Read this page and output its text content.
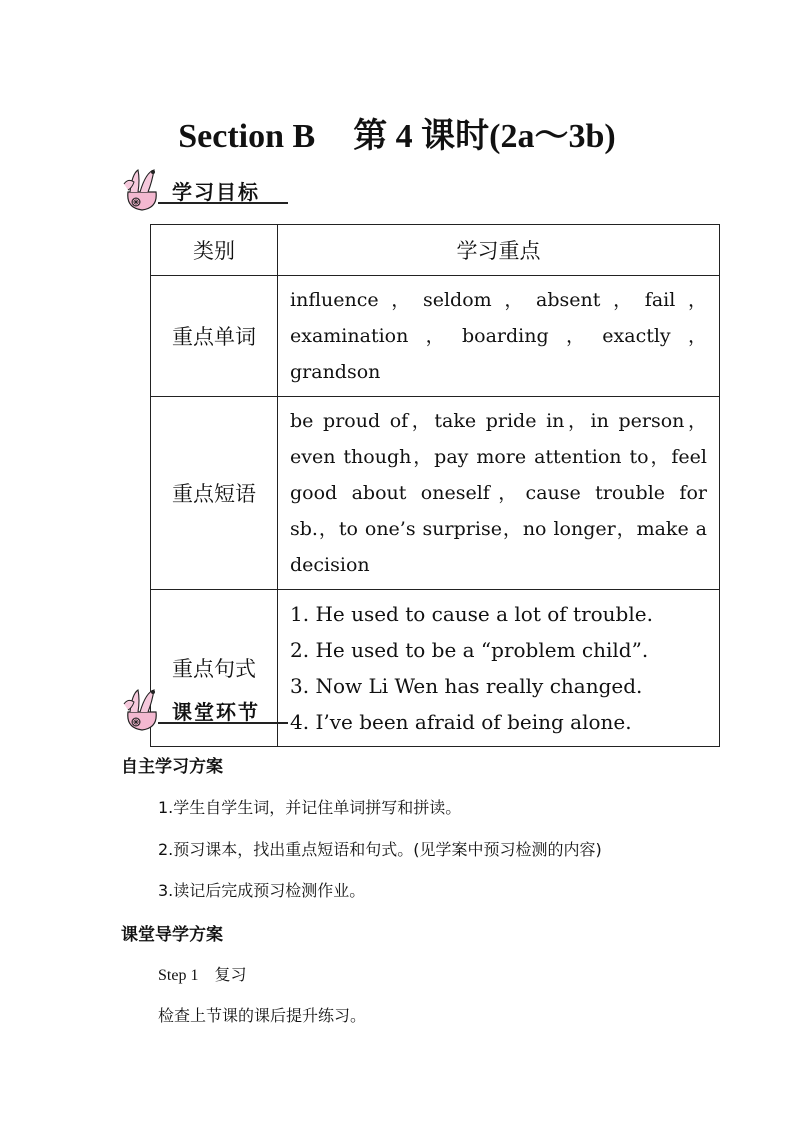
Section B 第 4 课时(2a～3b)
学习目标
类别	学习重点
重点单词	influence，seldom，absent，fail，examination，boarding，exactly，grandson
重点短语	be proud of，take pride in，in person，even though，pay more attention to，feel good about oneself，cause trouble for sb.，to one’s surprise，no longer，make a decision
重点句式	1. He used to cause a lot of trouble.
2. He used to be a “problem child”.
3. Now Li Wen has really changed.
4. I’ve been afraid of being alone.
课堂环节
自主学习方案
1.学生自学生词，并记住单词拼写和拼读。
2.预习课本，找出重点短语和句式。(见学案中预习检测的内容)
3.读记后完成预习检测作业。
课堂导学方案
Step 1 复习
检查上节课的课后提升练习。
